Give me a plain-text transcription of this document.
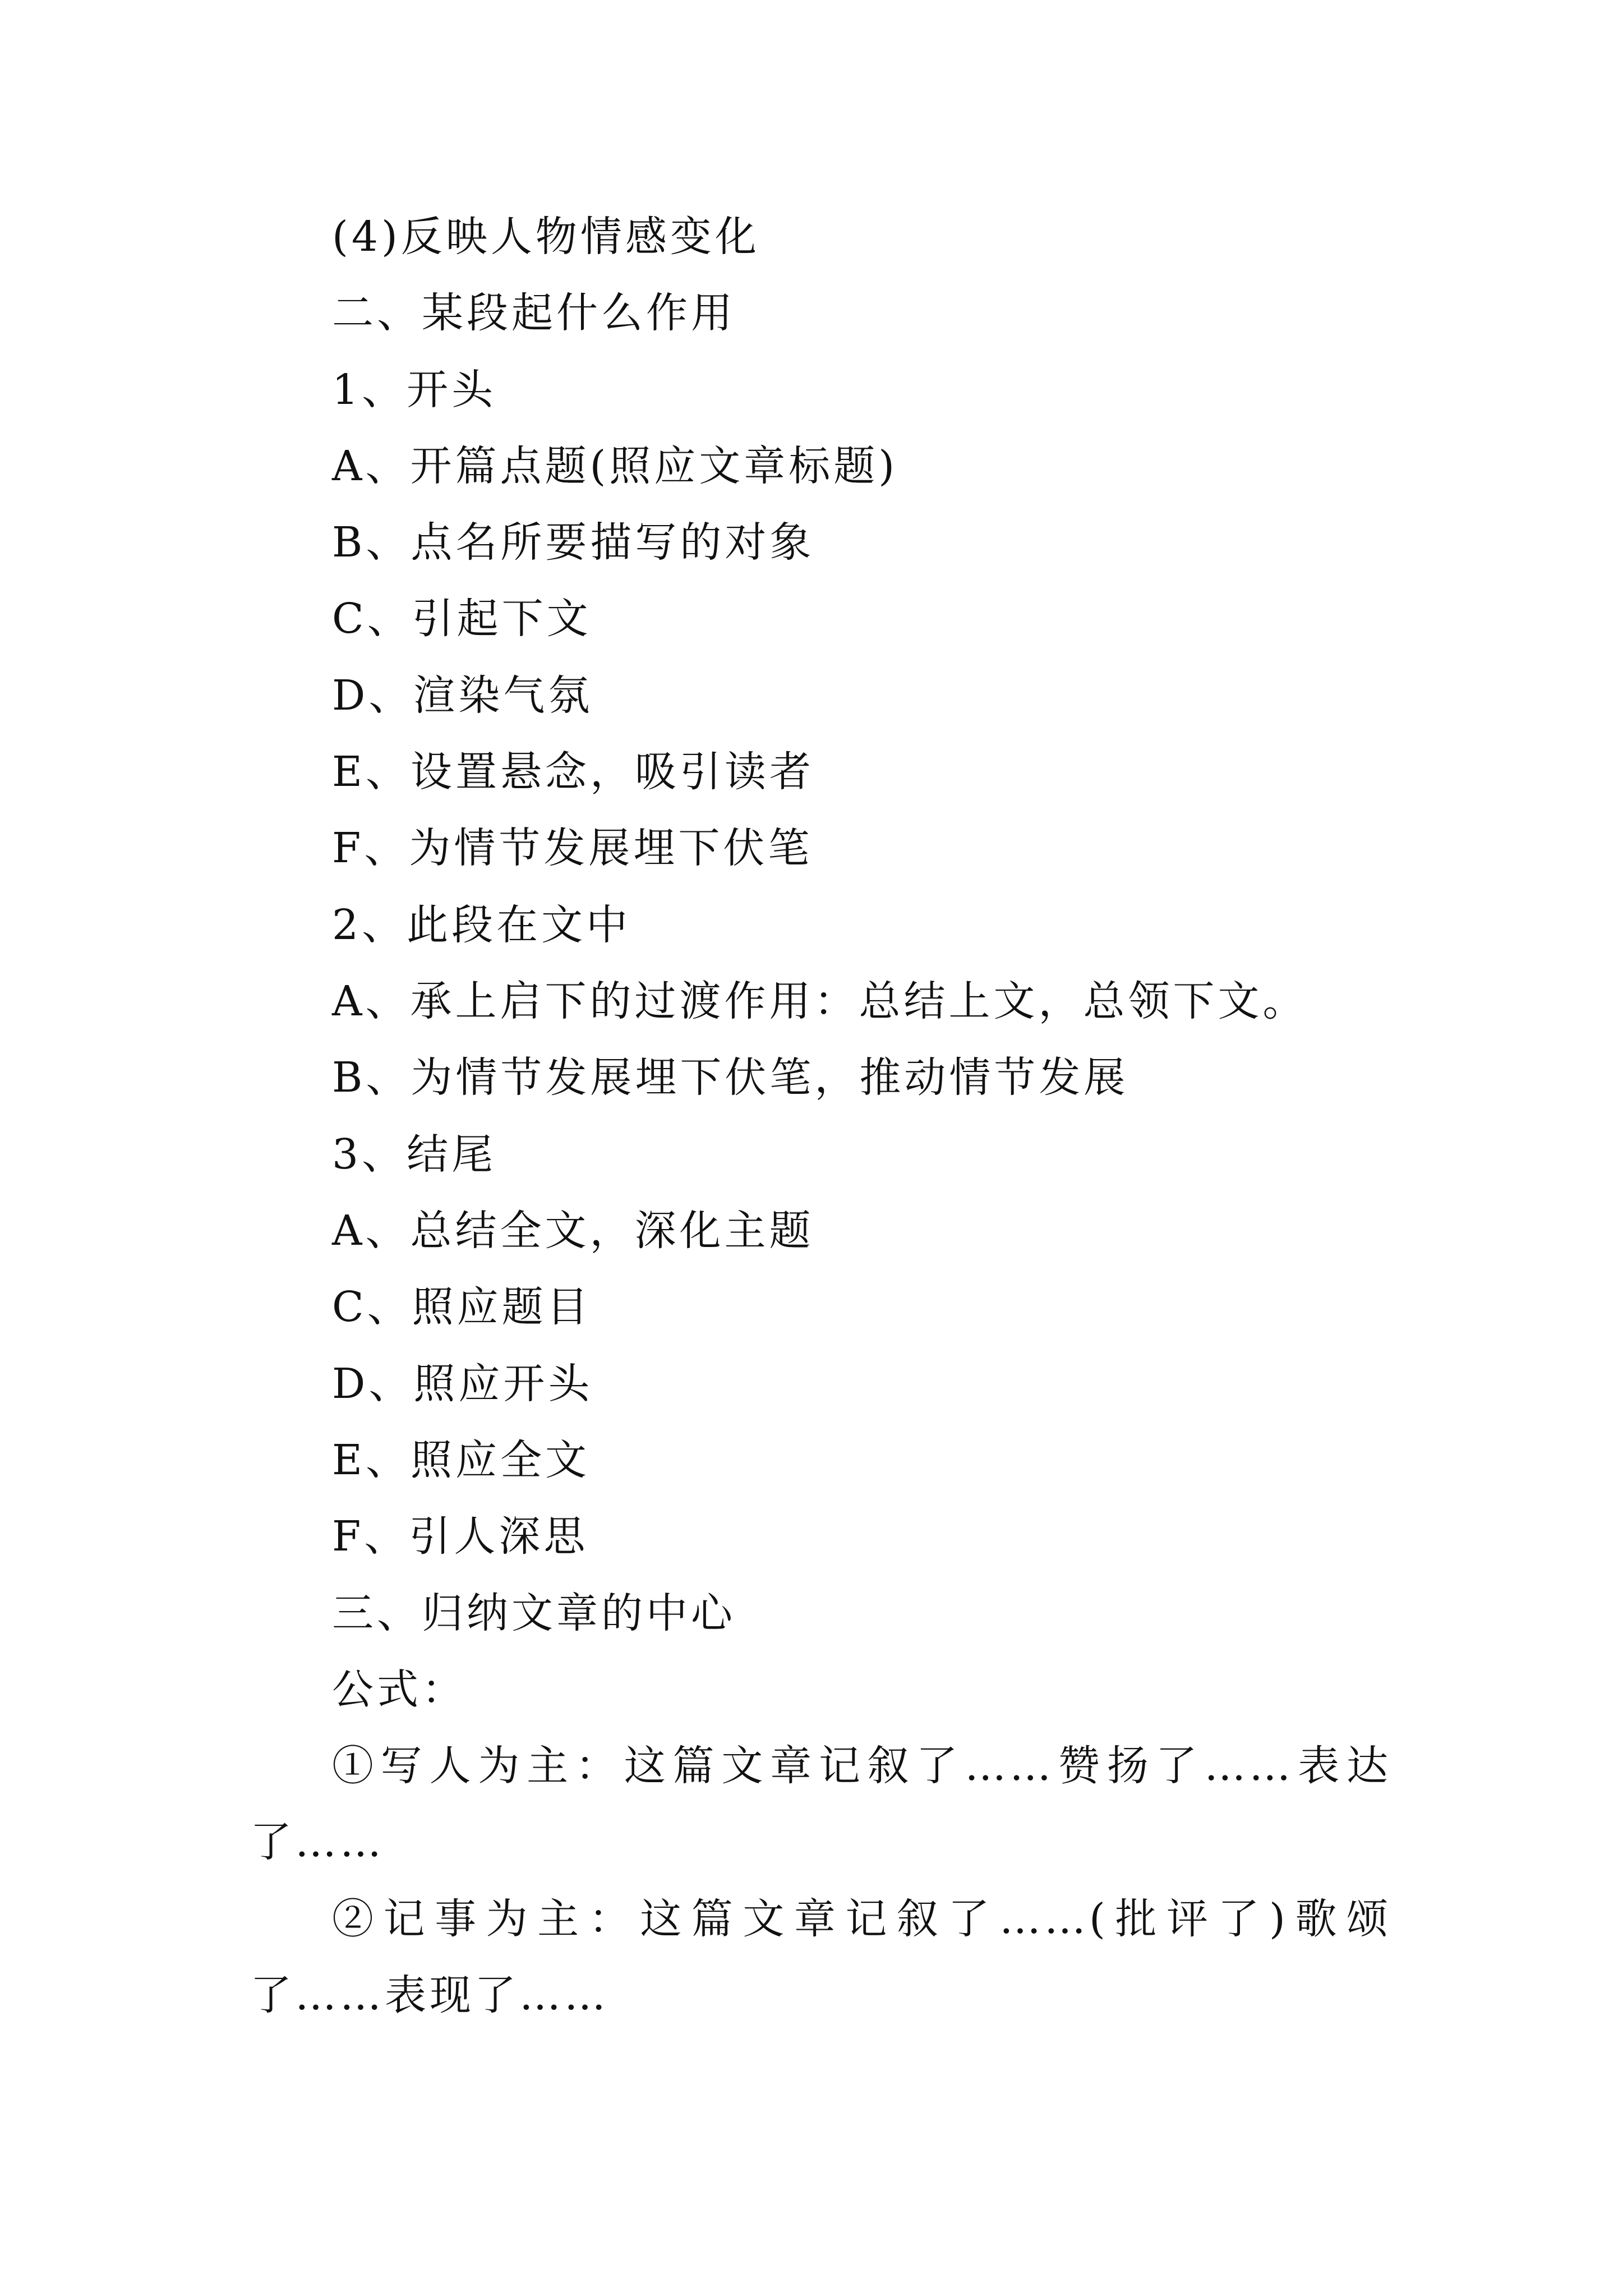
(4)反映人物情感变化
二、某段起什么作用
1、开头
A、开篇点题(照应文章标题)
B、点名所要描写的对象
C、引起下文
D、渲染气氛
E、设置悬念，吸引读者
F、为情节发展埋下伏笔
2、此段在文中
A、承上启下的过渡作用：总结上文，总领下文。
B、为情节发展埋下伏笔，推动情节发展
3、结尾
A、总结全文，深化主题
C、照应题目
D、照应开头
E、照应全文
F、引人深思
三、归纳文章的中心
公式：
①写人为主：这篇文章记叙了……赞扬了……表达了……
②记事为主：这篇文章记叙了……(批评了)歌颂了……表现了……
